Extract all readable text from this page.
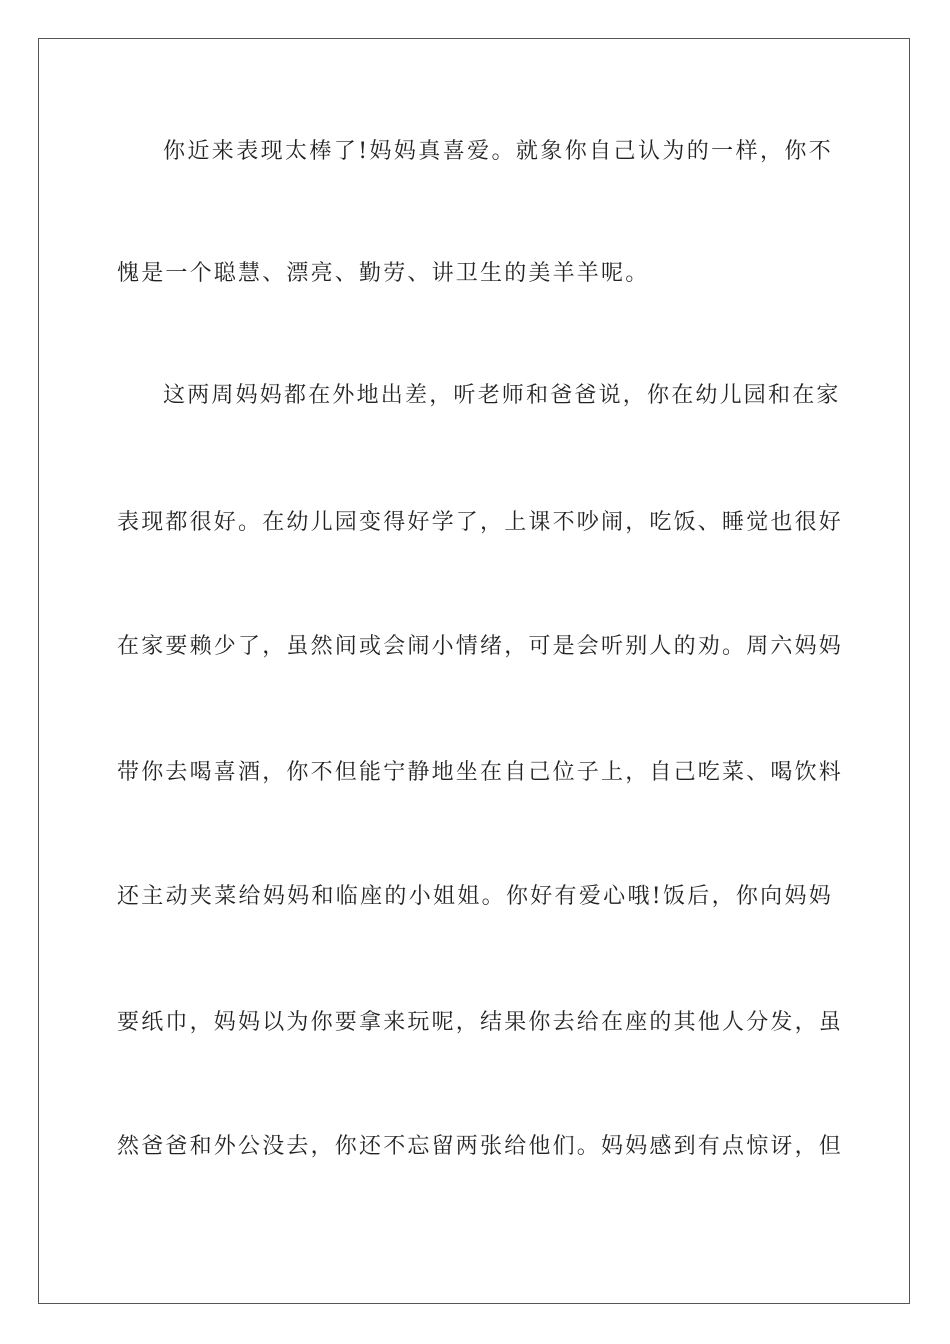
你近来表现太棒了!妈妈真喜爱。就象你自己认为的一样，你不
愧是一个聪慧、漂亮、勤劳、讲卫生的美羊羊呢。
这两周妈妈都在外地出差，听老师和爸爸说，你在幼儿园和在家
表现都很好。在幼儿园变得好学了，上课不吵闹，吃饭、睡觉也很好
在家要赖少了，虽然间或会闹小情绪，可是会听别人的劝。周六妈妈
带你去喝喜酒，你不但能宁静地坐在自己位子上，自己吃菜、喝饮料
还主动夹菜给妈妈和临座的小姐姐。你好有爱心哦!饭后，你向妈妈
要纸巾，妈妈以为你要拿来玩呢，结果你去给在座的其他人分发，虽
然爸爸和外公没去，你还不忘留两张给他们。妈妈感到有点惊讶，但
